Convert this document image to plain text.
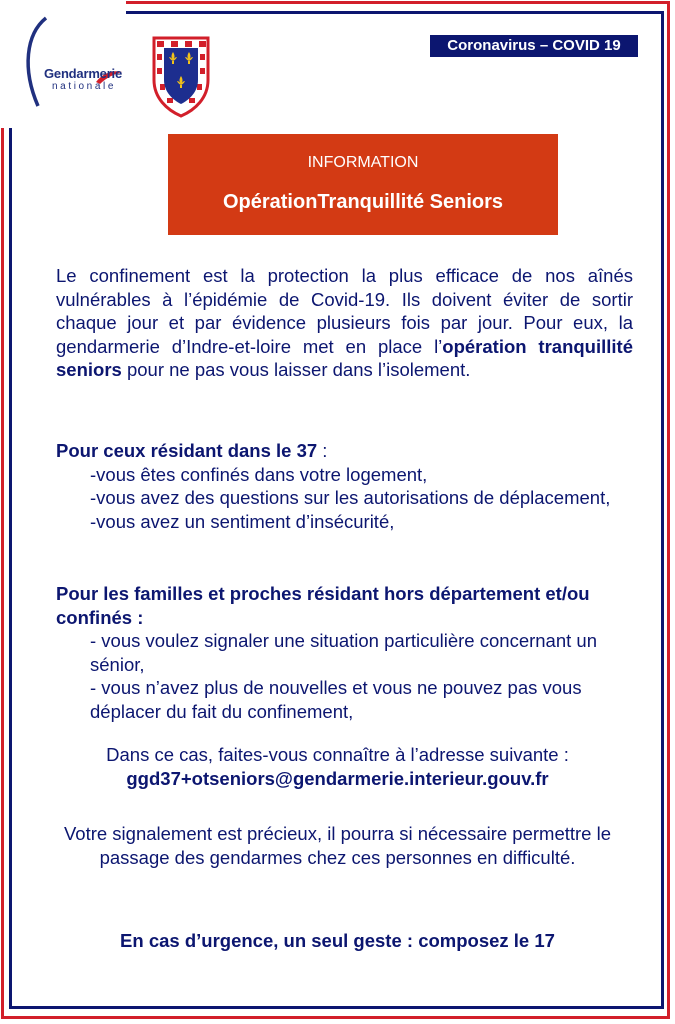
Gendarmerie
nationale
Coronavirus – COVID 19
INFORMATION
OpérationTranquillité Seniors
Le confinement est la protection la plus efficace de nos aînés vulnérables à l’épidémie de Covid-19. Ils doivent éviter de sortir chaque jour et par évidence plusieurs fois par jour. Pour eux, la gendarmerie d’Indre-et-loire met en place l’opération tranquillité seniors pour ne pas vous laisser dans l’isolement.
Pour ceux résidant dans le 37 :
-vous êtes confinés dans votre logement,
-vous avez des questions sur les autorisations de déplacement,
-vous avez un sentiment d’insécurité,
Pour les familles et proches résidant hors département et/ou confinés :
- vous voulez signaler une situation particulière concernant un sénior,
- vous n’avez plus de nouvelles et vous ne pouvez pas vous déplacer du fait du confinement,
Dans ce cas, faites-vous connaître à l’adresse suivante :
ggd37+otseniors@gendarmerie.interieur.gouv.fr
Votre signalement est précieux, il pourra si nécessaire permettre le passage des gendarmes chez ces personnes en difficulté.
En cas d’urgence, un seul geste : composez le 17
